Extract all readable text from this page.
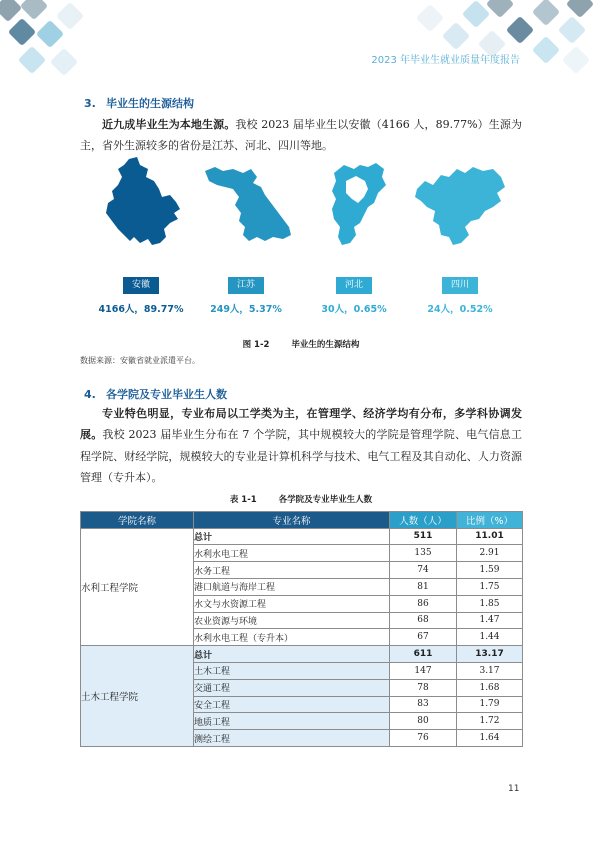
2023 年毕业生就业质量年度报告
3. 毕业生的生源结构
近九成毕业生为本地生源。我校 2023 届毕业生以安徽（4166 人，89.77%）生源为主，省外生源较多的省份是江苏、河北、四川等地。
安徽
4166人，89.77%
江苏
249人，5.37%
河北
30人，0.65%
四川
24人，0.52%
图 1-2	毕业生的生源结构
数据来源：安徽省就业派遣平台。
4. 各学院及专业毕业生人数
专业特色明显，专业布局以工学类为主，在管理学、经济学均有分布，多学科协调发展。我校 2023 届毕业生分布在 7 个学院，其中规模较大的学院是管理学院、电气信息工程学院、财经学院，规模较大的专业是计算机科学与技术、电气工程及其自动化、人力资源管理（专升本）。
表 1-1	各学院及专业毕业生人数
学院名称	专业名称	人数（人）	比例（%）
水利工程学院	总计	511	11.01
	水利水电工程	135	2.91
	水务工程	74	1.59
	港口航道与海岸工程	81	1.75
	水文与水资源工程	86	1.85
	农业资源与环境	68	1.47
	水利水电工程（专升本）	67	1.44
土木工程学院	总计	611	13.17
	土木工程	147	3.17
	交通工程	78	1.68
	安全工程	83	1.79
	地质工程	80	1.72
	测绘工程	76	1.64
11
